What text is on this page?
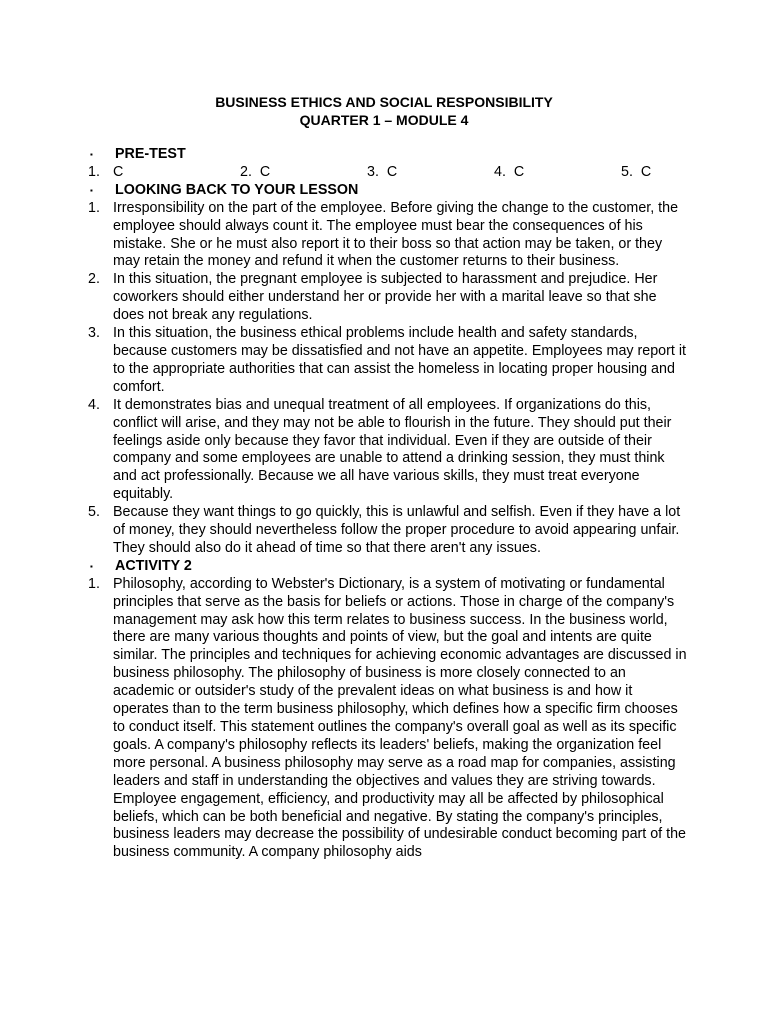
BUSINESS ETHICS AND SOCIAL RESPONSIBILITY
QUARTER 1 – MODULE 4
▪	PRE-TEST
1. C	2. C	3. C	4. C	5. C
▪	LOOKING BACK TO YOUR LESSON
1. Irresponsibility on the part of the employee. Before giving the change to the customer, the employee should always count it. The employee must bear the consequences of his mistake. She or he must also report it to their boss so that action may be taken, or they may retain the money and refund it when the customer returns to their business.
2. In this situation, the pregnant employee is subjected to harassment and prejudice. Her coworkers should either understand her or provide her with a marital leave so that she does not break any regulations.
3. In this situation, the business ethical problems include health and safety standards, because customers may be dissatisfied and not have an appetite. Employees may report it to the appropriate authorities that can assist the homeless in locating proper housing and comfort.
4. It demonstrates bias and unequal treatment of all employees. If organizations do this, conflict will arise, and they may not be able to flourish in the future. They should put their feelings aside only because they favor that individual. Even if they are outside of their company and some employees are unable to attend a drinking session, they must think and act professionally. Because we all have various skills, they must treat everyone equitably.
5. Because they want things to go quickly, this is unlawful and selfish. Even if they have a lot of money, they should nevertheless follow the proper procedure to avoid appearing unfair. They should also do it ahead of time so that there aren't any issues.
▪	ACTIVITY 2
1. Philosophy, according to Webster's Dictionary, is a system of motivating or fundamental principles that serve as the basis for beliefs or actions. Those in charge of the company's management may ask how this term relates to business success. In the business world, there are many various thoughts and points of view, but the goal and intents are quite similar. The principles and techniques for achieving economic advantages are discussed in business philosophy. The philosophy of business is more closely connected to an academic or outsider's study of the prevalent ideas on what business is and how it operates than to the term business philosophy, which defines how a specific firm chooses to conduct itself. This statement outlines the company's overall goal as well as its specific goals. A company's philosophy reflects its leaders' beliefs, making the organization feel more personal. A business philosophy may serve as a road map for companies, assisting leaders and staff in understanding the objectives and values they are striving towards. Employee engagement, efficiency, and productivity may all be affected by philosophical beliefs, which can be both beneficial and negative. By stating the company's principles, business leaders may decrease the possibility of undesirable conduct becoming part of the business community. A company philosophy aids
